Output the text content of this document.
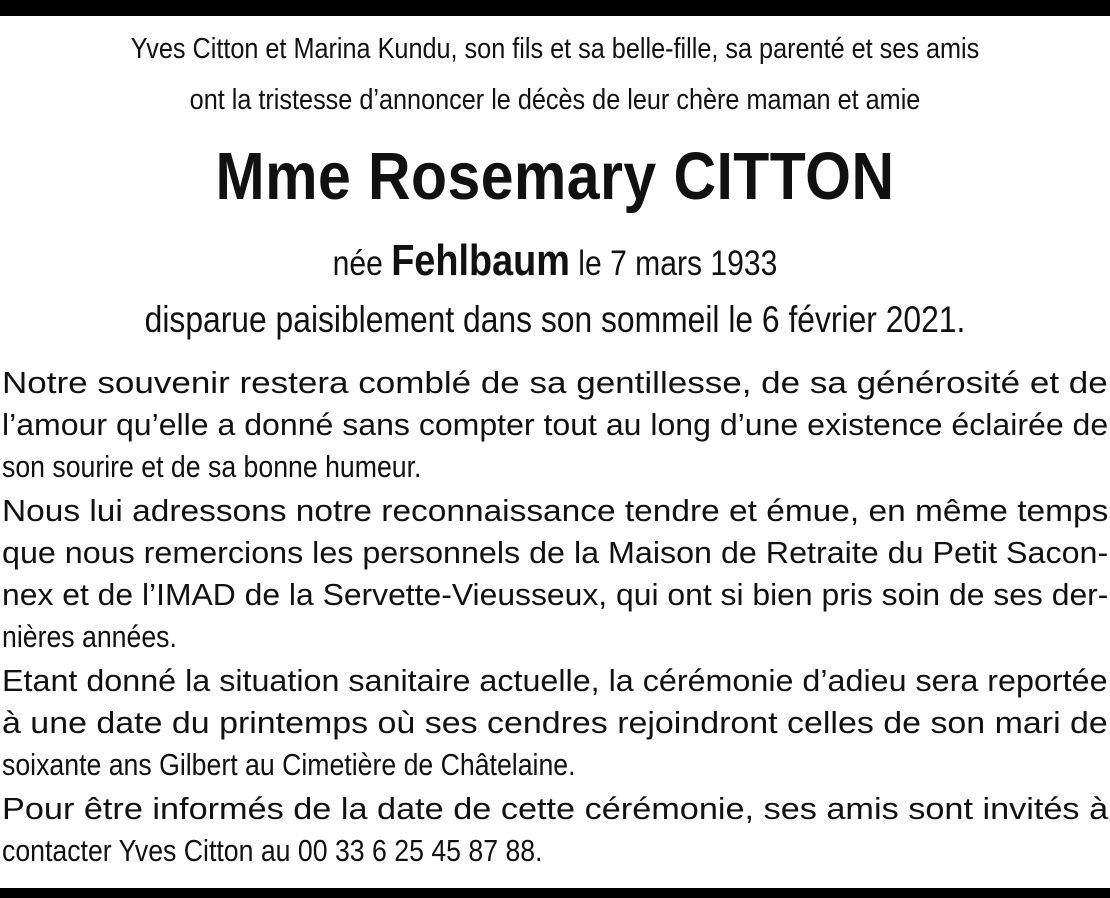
Yves Citton et Marina Kundu, son fils et sa belle-fille, sa parenté et ses amis
ont la tristesse d’annoncer le décès de leur chère maman et amie
Mme Rosemary CITTON
née Fehlbaum le 7 mars 1933
disparue paisiblement dans son sommeil le 6 février 2021.
Notre souvenir restera comblé de sa gentillesse, de sa générosité et de
l’amour qu’elle a donné sans compter tout au long d’une existence éclairée de
son sourire et de sa bonne humeur.
Nous lui adressons notre reconnaissance tendre et émue, en même temps
que nous remercions les personnels de la Maison de Retraite du Petit Sacon-
nex et de l’IMAD de la Servette-Vieusseux, qui ont si bien pris soin de ses der-
nières années.
Etant donné la situation sanitaire actuelle, la cérémonie d’adieu sera reportée
à une date du printemps où ses cendres rejoindront celles de son mari de
soixante ans Gilbert au Cimetière de Châtelaine.
Pour être informés de la date de cette cérémonie, ses amis sont invités à
contacter Yves Citton au 00 33 6 25 45 87 88.
